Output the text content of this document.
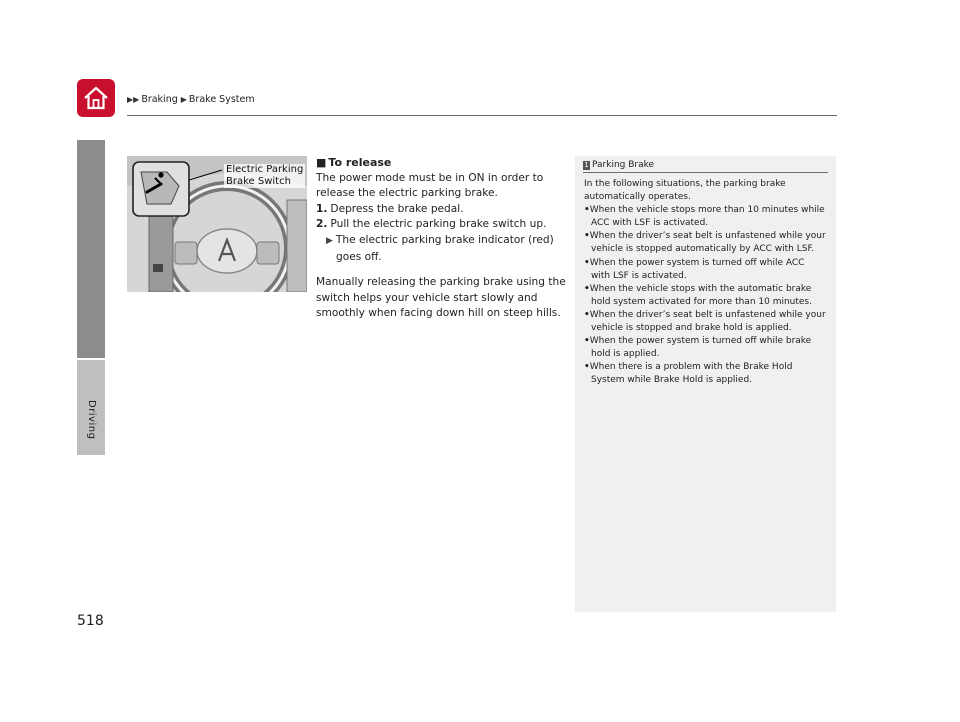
▶▶ Braking ▶ Brake System
Driving
518
Electric Parking
Brake Switch
■ To release
The power mode must be in ON in order to release the electric parking brake.
1. Depress the brake pedal.
2. Pull the electric parking brake switch up.
▶ The electric parking brake indicator (red) goes off.
Manually releasing the parking brake using the switch helps your vehicle start slowly and smoothly when facing down hill on steep hills.
1 Parking Brake
In the following situations, the parking brake automatically operates.
•When the vehicle stops more than 10 minutes while ACC with LSF is activated.
•When the driver’s seat belt is unfastened while your vehicle is stopped automatically by ACC with LSF.
•When the power system is turned off while ACC with LSF is activated.
•When the vehicle stops with the automatic brake hold system activated for more than 10 minutes.
•When the driver’s seat belt is unfastened while your vehicle is stopped and brake hold is applied.
•When the power system is turned off while brake hold is applied.
•When there is a problem with the Brake Hold System while Brake Hold is applied.
